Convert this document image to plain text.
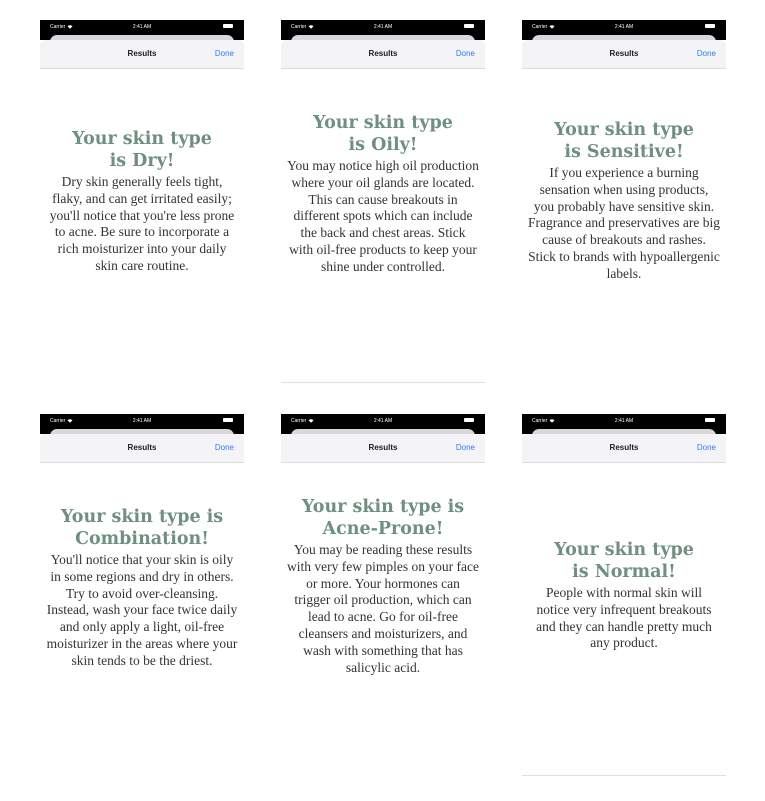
Carrier	2:41 AM
Results	Done
Your skin type
is Dry!

Dry skin generally feels tight, flaky, and can get irritated easily; you'll notice that you're less prone to acne. Be sure to incorporate a rich moisturizer into your daily skin care routine.

Carrier	2:41 AM
Results	Done
Your skin type
is Oily!

You may notice high oil production where your oil glands are located. This can cause breakouts in different spots which can include the back and chest areas. Stick with oil-free products to keep your shine under controlled.

Carrier	2:41 AM
Results	Done
Your skin type
is Sensitive!

If you experience a burning sensation when using products, you probably have sensitive skin. Fragrance and preservatives are big cause of breakouts and rashes. Stick to brands with hypoallergenic labels.

Carrier	2:41 AM
Results	Done
Your skin type is
Combination!

You'll notice that your skin is oily in some regions and dry in others. Try to avoid over-cleansing. Instead, wash your face twice daily and only apply a light, oil-free moisturizer in the areas where your skin tends to be the driest.

Carrier	2:41 AM
Results	Done
Your skin type is
Acne-Prone!

You may be reading these results with very few pimples on your face or more. Your hormones can trigger oil production, which can lead to acne. Go for oil-free cleansers and moisturizers, and wash with something that has salicylic acid.

Carrier	2:41 AM
Results	Done
Your skin type
is Normal!

People with normal skin will notice very infrequent breakouts and they can handle pretty much any product.
